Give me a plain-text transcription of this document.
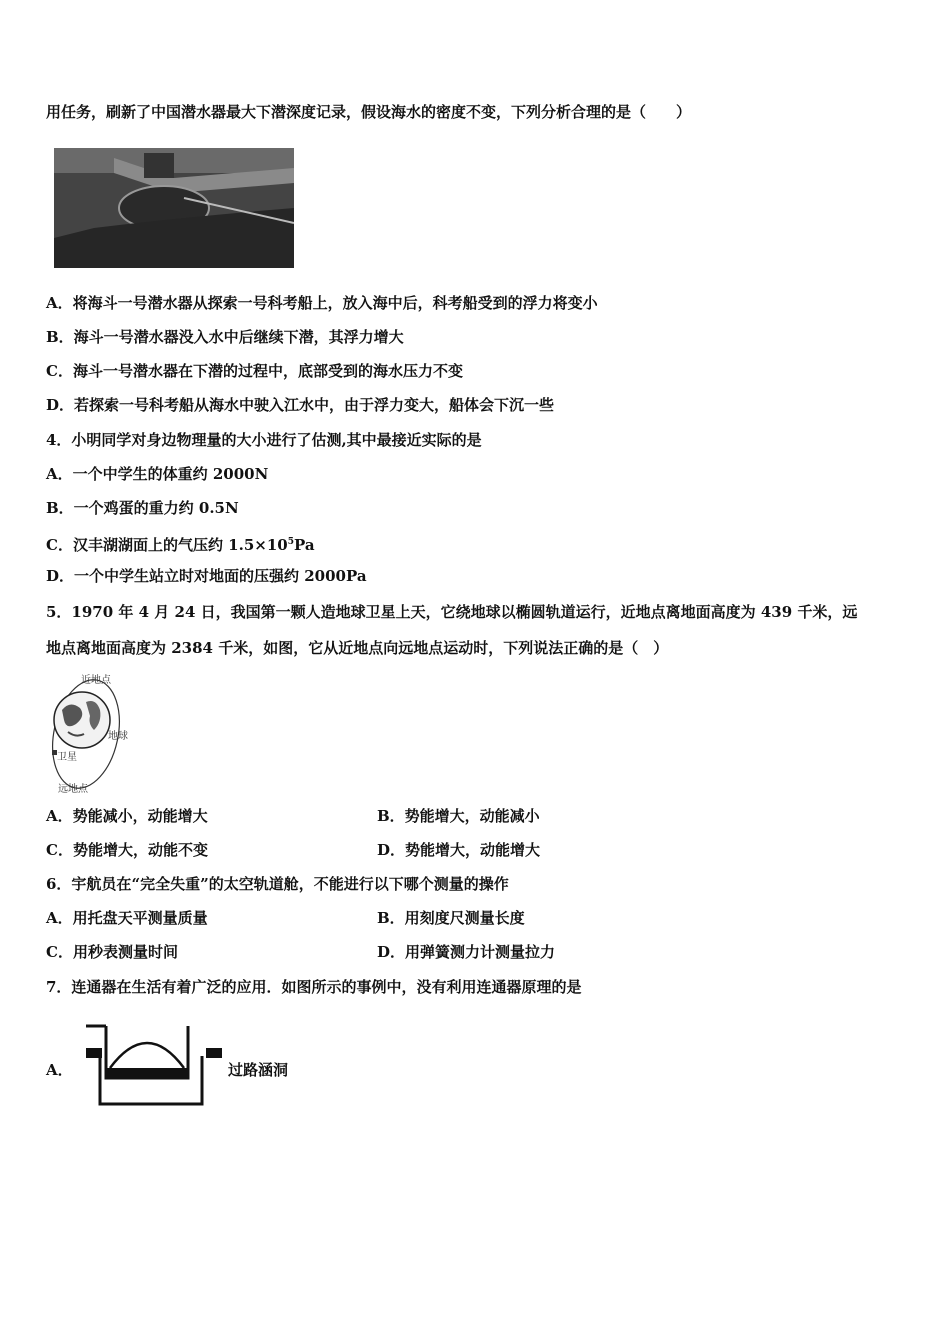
用任务，刷新了中国潜水器最大下潜深度记录，假设海水的密度不变，下列分析合理的是（　　）
A．将海斗一号潜水器从探索一号科考船上，放入海中后，科考船受到的浮力将变小
B．海斗一号潜水器没入水中后继续下潜，其浮力增大
C．海斗一号潜水器在下潜的过程中，底部受到的海水压力不变
D．若探索一号科考船从海水中驶入江水中，由于浮力变大，船体会下沉一些
4．小明同学对身边物理量的大小进行了估测,其中最接近实际的是
A．一个中学生的体重约 2000N
B．一个鸡蛋的重力约 0.5N
C．汉丰湖湖面上的气压约 $1.5\times 10^5Pa$
D．一个中学生站立时对地面的压强约 2000Pa
5．1970 年 4 月 24 日，我国第一颗人造地球卫星上天，它绕地球以椭圆轨道运行，近地点离地面高度为 439 千米，远
地点离地面高度为 2384 千米，如图，它从近地点向远地点运动时，下列说法正确的是（　）
近地点
地球
卫星
远地点
A．势能减小，动能增大	B．势能增大，动能减小
C．势能增大，动能不变	D．势能增大，动能增大
6．宇航员在“完全失重”的太空轨道舱，不能进行以下哪个测量的操作
A．用托盘天平测量质量	B．用刻度尺测量长度
C．用秒表测量时间	D．用弹簧测力计测量拉力
7．连通器在生活有着广泛的应用．如图所示的事例中，没有利用连通器原理的是
A．	过路涵洞
